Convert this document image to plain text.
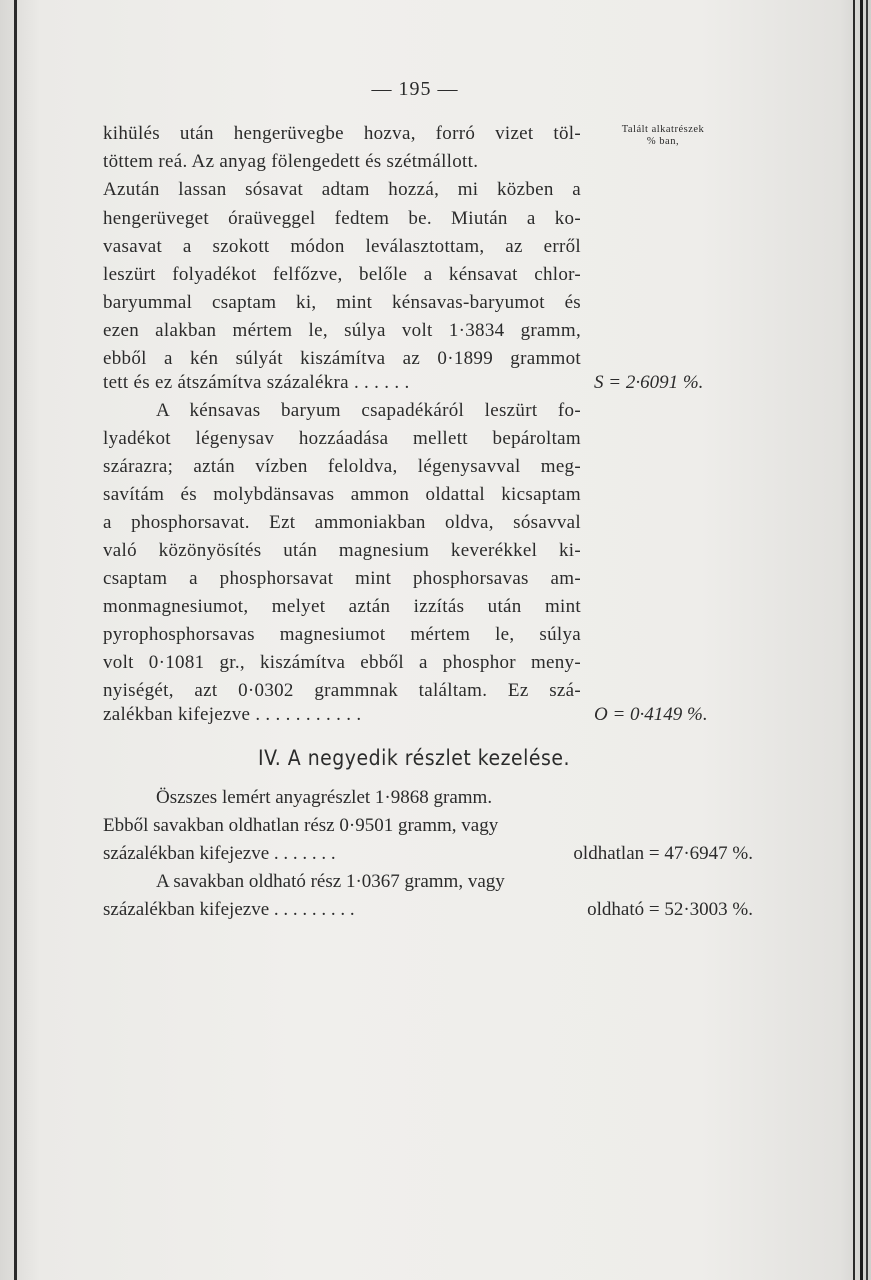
— 195 —
Talált alkatrészek
% ban,
kihülés után hengerüvegbe hozva, forró vizet töl-
töttem reá. Az anyag fölengedett és szétmállott.
Azután lassan sósavat adtam hozzá, mi közben a
hengerüveget óraüveggel fedtem be. Miután a ko-
vasavat a szokott módon leválasztottam, az erről
leszürt folyadékot felfőzve, belőle a kénsavat chlor-
baryummal csaptam ki, mint kénsavas-baryumot és
ezen alakban mértem le, súlya volt 1·3834 gramm,
ebből a kén súlyát kiszámítva az 0·1899 grammot
tett és ez átszámítva százalékra . . . . . .	S = 2·6091 %.
A kénsavas baryum csapadékáról leszürt fo-
lyadékot légenysav hozzáadása mellett bepároltam
szárazra; aztán vízben feloldva, légenysavval meg-
savítám és molybdänsavas ammon oldattal kicsaptam
a phosphorsavat. Ezt ammoniakban oldva, sósavval
való közönyösítés után magnesium keverékkel ki-
csaptam a phosphorsavat mint phosphorsavas am-
monmagnesiumot, melyet aztán izzítás után mint
pyrophosphorsavas magnesiumot mértem le, súlya
volt 0·1081 gr., kiszámítva ebből a phosphor meny-
nyiségét, azt 0·0302 grammnak találtam. Ez szá-
zalékban kifejezve . . . . . . . . . . .	O = 0·4149 %.
IV. A negyedik részlet kezelése.
Öszszes lemért anyagrészlet 1·9868 gramm.
Ebből savakban oldhatlan rész 0·9501 gramm, vagy
százalékban kifejezve . . . . . . .	oldhatlan = 47·6947 %.
A savakban oldható rész 1·0367 gramm, vagy
százalékban kifejezve . . . . . . . . .	oldható = 52·3003 %.
